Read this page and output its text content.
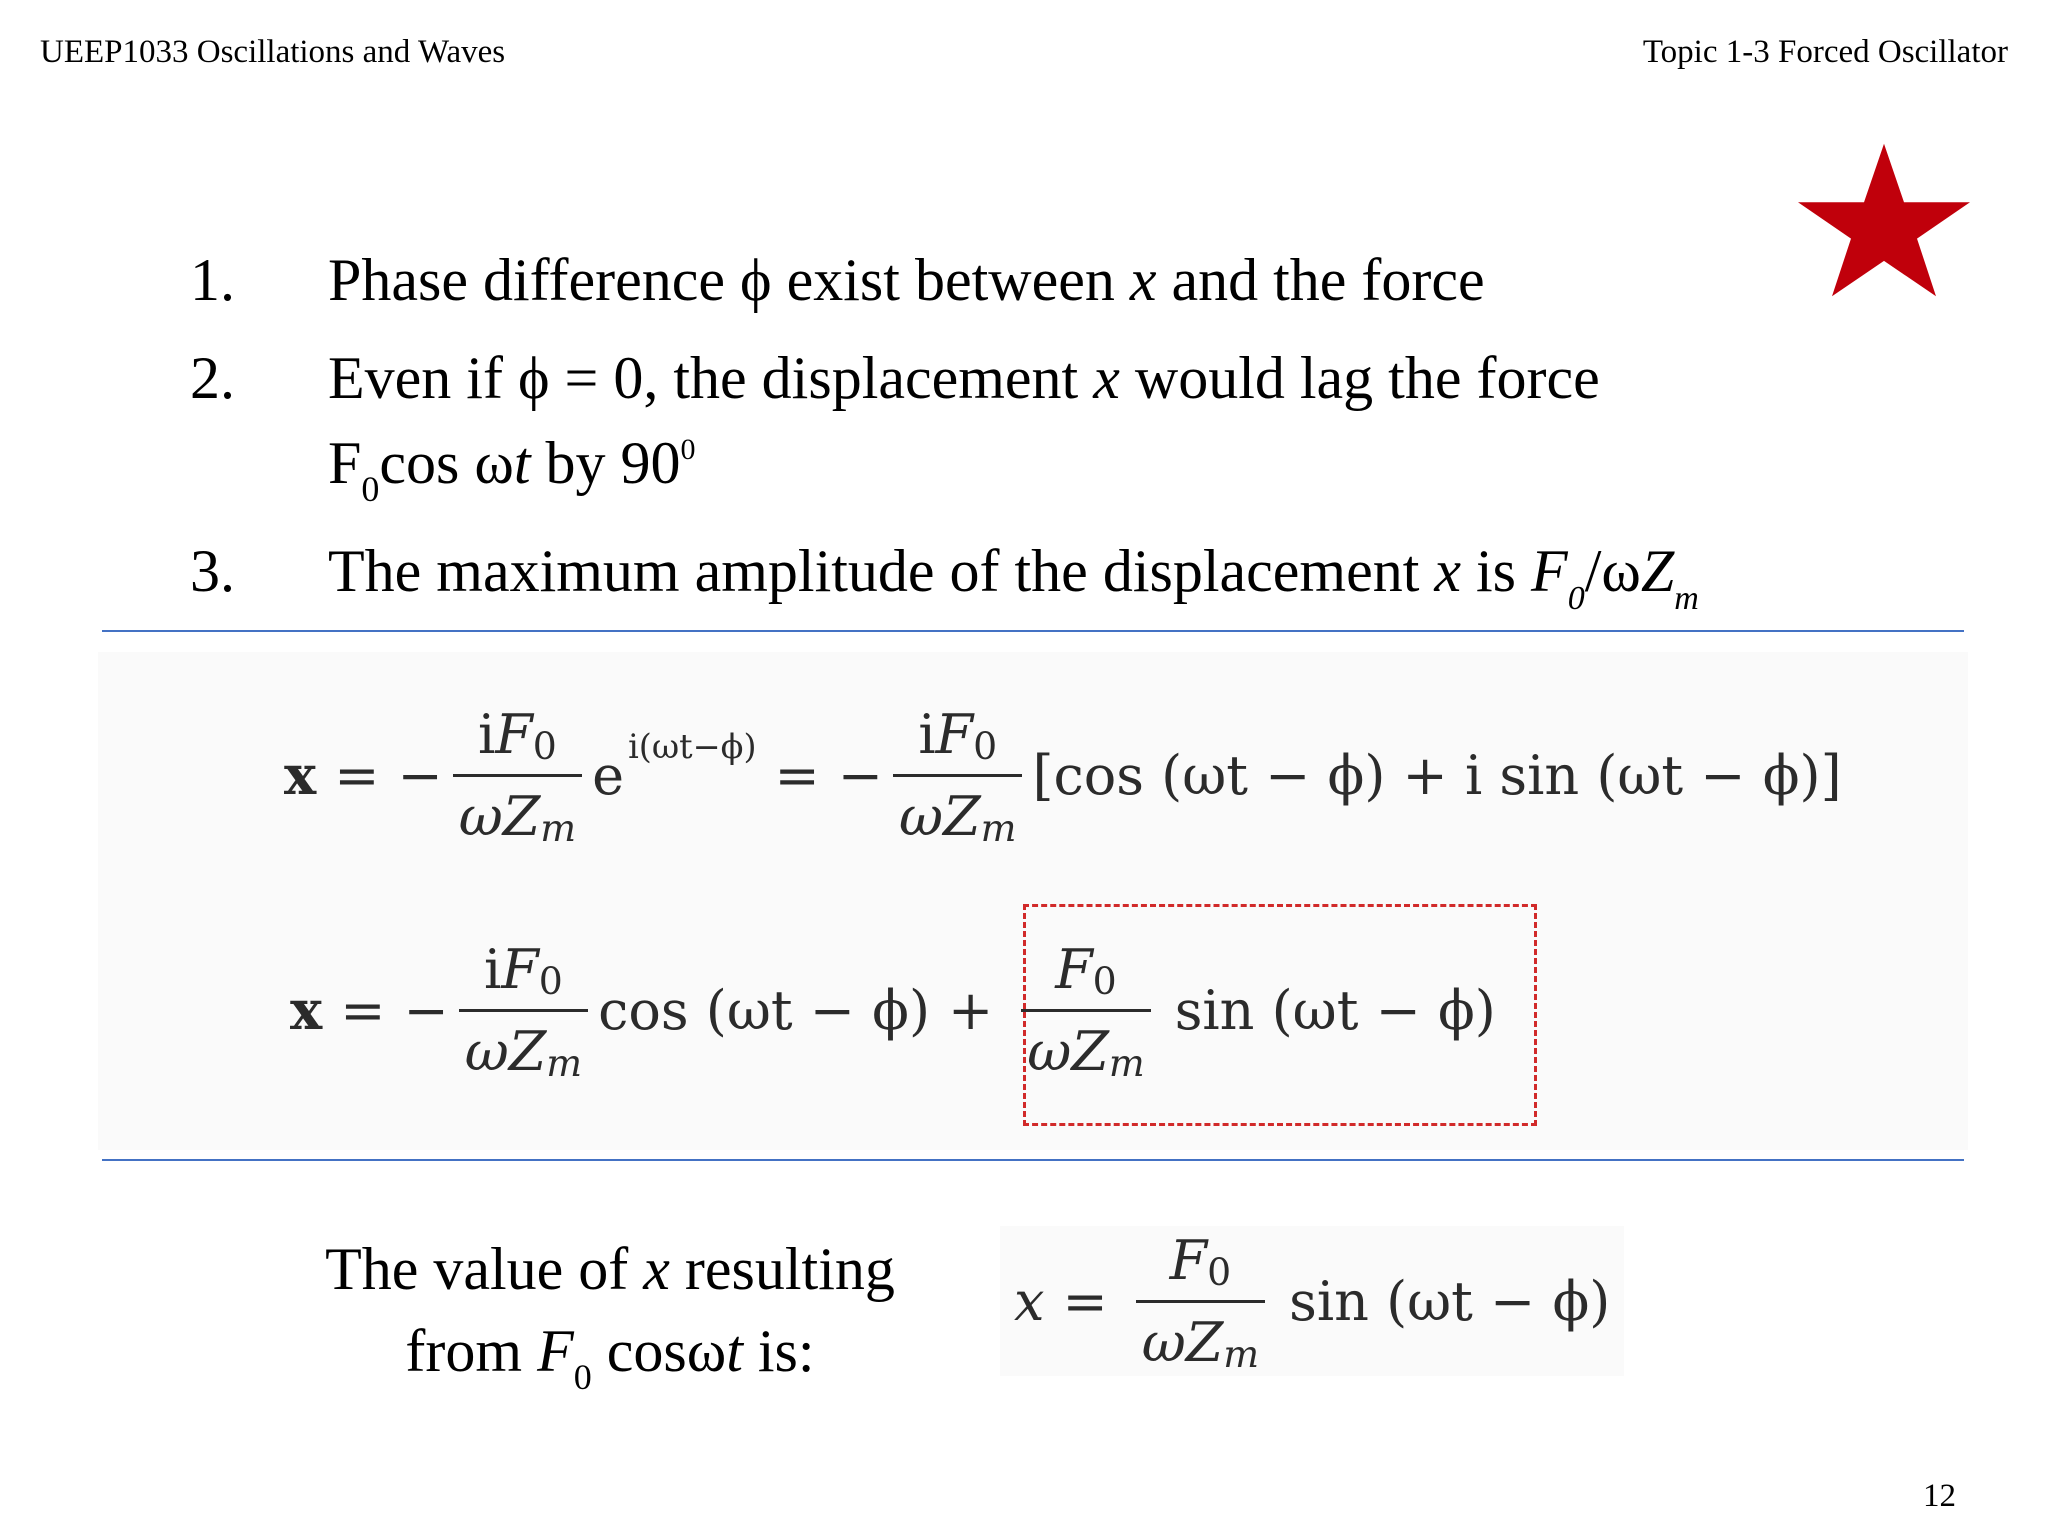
UEEP1033 Oscillations and Waves	Topic 1-3 Forced Oscillator
1. Phase difference ϕ exist between x and the force
2. Even if ϕ = 0, the displacement x would lag the force
$F_0\cos$ ωt by $90^0$
3. The maximum amplitude of the displacement x is $F_0/\omega Z_m$
x = − $\frac{iF0}{\text{ωZm}}$ e i(ωt−ϕ) = − $\frac{iF0}{\text{ωZm}} [\cos$ (ωt − ϕ) + i sin (ωt − ϕ)]
x = − $\frac{iF0}{\text{ωZm}}$ $\cos (\omega t - \phi) + \frac{F0}{\text{ωZm}}$ sin (ωt − ϕ)
The value of x resulting
from $F_0$ cosωt is:
$x = \frac{F0}{\text{ωZm}}$ sin (ωt − ϕ)
12
